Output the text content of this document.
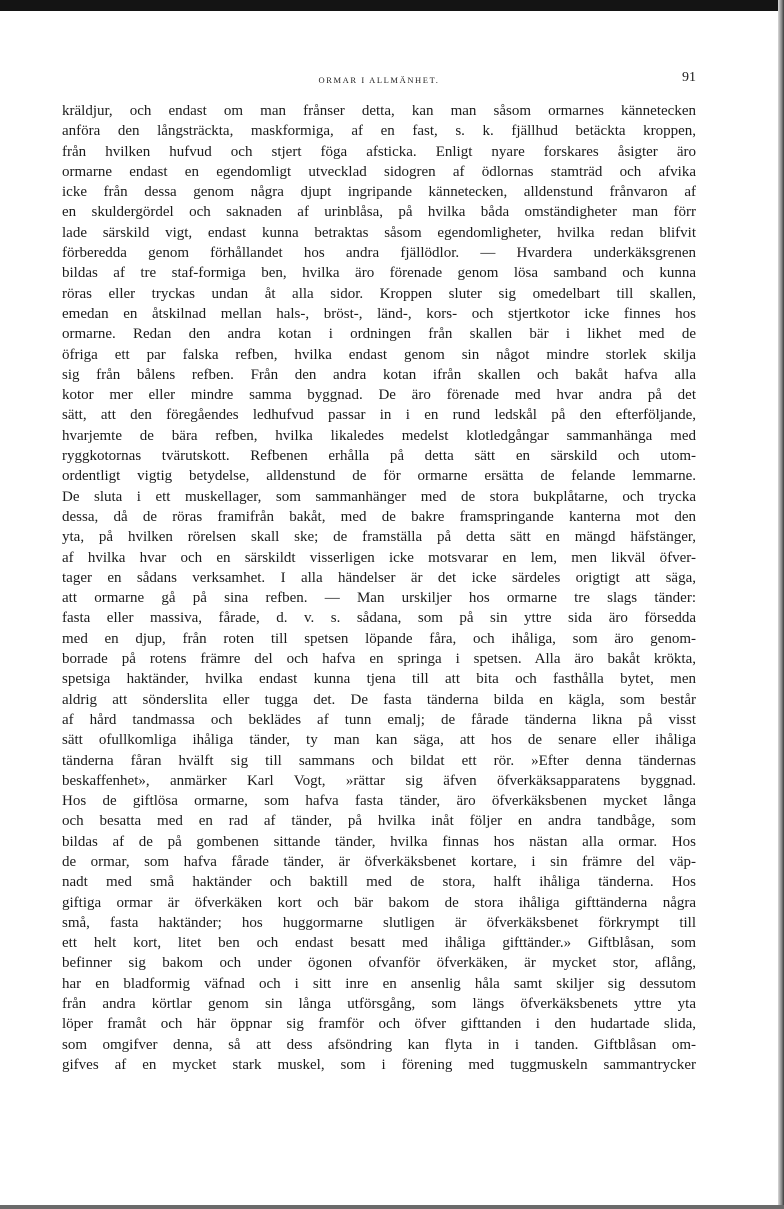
ORMAR I ALLMÄNHET.	91
kräldjur, och endast om man frånser detta, kan man såsom ormarnes kännetecken
anföra den långsträckta, maskformiga, af en fast, s. k. fjällhud betäckta kroppen,
från hvilken hufvud och stjert föga afsticka. Enligt nyare forskares åsigter äro
ormarne endast en egendomligt utvecklad sidogren af ödlornas stamträd och afvika
icke från dessa genom några djupt ingripande kännetecken, alldenstund frånvaron af
en skuldergördel och saknaden af urinblåsa, på hvilka båda omständigheter man förr
lade särskild vigt, endast kunna betraktas såsom egendomligheter, hvilka redan blifvit
förberedda genom förhållandet hos andra fjällödlor. — Hvardera underkäksgrenen
bildas af tre staf-formiga ben, hvilka äro förenade genom lösa samband och kunna
röras eller tryckas undan åt alla sidor. Kroppen sluter sig omedelbart till skallen,
emedan en åtskilnad mellan hals-, bröst-, länd-, kors- och stjertkotor icke finnes hos
ormarne. Redan den andra kotan i ordningen från skallen bär i likhet med de
öfriga ett par falska refben, hvilka endast genom sin något mindre storlek skilja
sig från bålens refben. Från den andra kotan ifrån skallen och bakåt hafva alla
kotor mer eller mindre samma byggnad. De äro förenade med hvar andra på det
sätt, att den föregåendes ledhufvud passar in i en rund ledskål på den efterföljande,
hvarjemte de bära refben, hvilka likaledes medelst klotledgångar sammanhänga med
ryggkotornas tvärutskott. Refbenen erhålla på detta sätt en särskild och utom-
ordentligt vigtig betydelse, alldenstund de för ormarne ersätta de felande lemmarne.
De sluta i ett muskellager, som sammanhänger med de stora bukplåtarne, och trycka
dessa, då de röras framifrån bakåt, med de bakre framspringande kanterna mot den
yta, på hvilken rörelsen skall ske; de framställa på detta sätt en mängd häfstänger,
af hvilka hvar och en särskildt visserligen icke motsvarar en lem, men likväl öfver-
tager en sådans verksamhet. I alla händelser är det icke särdeles origtigt att säga,
att ormarne gå på sina refben. — Man urskiljer hos ormarne tre slags tänder:
fasta eller massiva, fårade, d. v. s. sådana, som på sin yttre sida äro försedda
med en djup, från roten till spetsen löpande fåra, och ihåliga, som äro genom-
borrade på rotens främre del och hafva en springa i spetsen. Alla äro bakåt krökta,
spetsiga haktänder, hvilka endast kunna tjena till att bita och fasthålla bytet, men
aldrig att sönderslita eller tugga det. De fasta tänderna bilda en kägla, som består
af hård tandmassa och beklädes af tunn emalj; de fårade tänderna likna på visst
sätt ofullkomliga ihåliga tänder, ty man kan säga, att hos de senare eller ihåliga
tänderna fåran hvälft sig till sammans och bildat ett rör. »Efter denna tändernas
beskaffenhet», anmärker Karl Vogt, »rättar sig äfven öfverkäksapparatens byggnad.
Hos de giftlösa ormarne, som hafva fasta tänder, äro öfverkäksbenen mycket långa
och besatta med en rad af tänder, på hvilka inåt följer en andra tandbåge, som
bildas af de på gombenen sittande tänder, hvilka finnas hos nästan alla ormar. Hos
de ormar, som hafva fårade tänder, är öfverkäksbenet kortare, i sin främre del väp-
nadt med små haktänder och baktill med de stora, halft ihåliga tänderna. Hos
giftiga ormar är öfverkäken kort och bär bakom de stora ihåliga gifttänderna några
små, fasta haktänder; hos huggormarne slutligen är öfverkäksbenet förkrympt till
ett helt kort, litet ben och endast besatt med ihåliga gifttänder.» Giftblåsan, som
befinner sig bakom och under ögonen ofvanför öfverkäken, är mycket stor, aflång,
har en bladformig väfnad och i sitt inre en ansenlig håla samt skiljer sig dessutom
från andra körtlar genom sin långa utförsgång, som längs öfverkäksbenets yttre yta
löper framåt och här öppnar sig framför och öfver gifttanden i den hudartade slida,
som omgifver denna, så att dess afsöndring kan flyta in i tanden. Giftblåsan om-
gifves af en mycket stark muskel, som i förening med tuggmuskeln sammantrycker
